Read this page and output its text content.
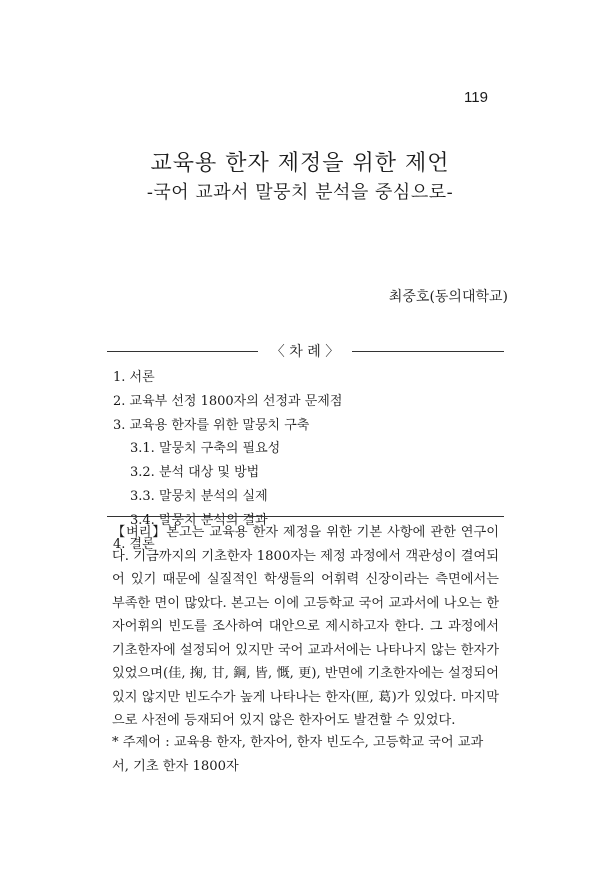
119
교육용 한자 제정을 위한 제언
-국어 교과서 말뭉치 분석을 중심으로-
최중호(동의대학교)
〈 차 례 〉
1. 서론
2. 교육부 선정 1800자의 선정과 문제점
3. 교육용 한자를 위한 말뭉치 구축
3.1. 말뭉치 구축의 필요성
3.2. 분석 대상 및 방법
3.3. 말뭉치 분석의 실제
3.4. 말뭉치 분석의 결과
4. 결론

【벼리】본고는 교육용 한자 제정을 위한 기본 사항에 관한 연구이다. 기금까지의 기초한자 1800자는 제정 과정에서 객관성이 결여되어 있기 때문에 실질적인 학생들의 어휘력 신장이라는 측면에서는 부족한 면이 많았다. 본고는 이에 고등학교 국어 교과서에 나오는 한자어휘의 빈도를 조사하여 대안으로 제시하고자 한다. 그 과정에서 기초한자에 설정되어 있지만 국어 교과서에는 나타나지 않는 한자가 있었으며(佳, 掬, 甘, 鋼, 皆, 慨, 更), 반면에 기초한자에는 설정되어 있지 않지만 빈도수가 높게 나타나는 한자(匣, 葛)가 있었다. 마지막으로 사전에 등재되어 있지 않은 한자어도 발견할 수 있었다.

* 주제어 : 교육용 한자, 한자어, 한자 빈도수, 고등학교 국어 교과서, 기초 한자 1800자
